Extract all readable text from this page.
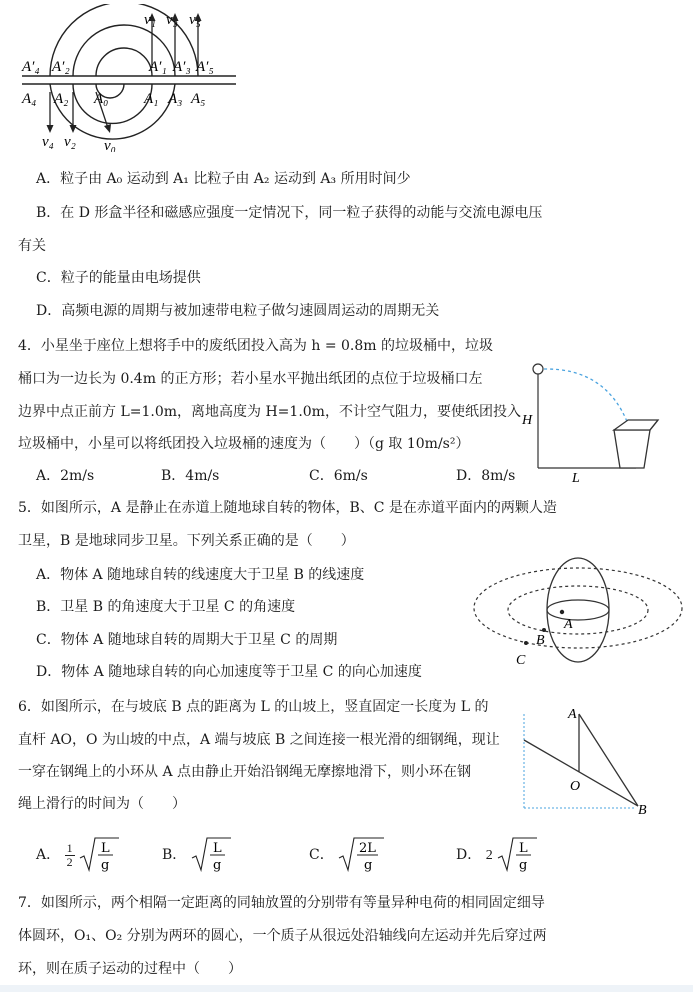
v₁ v₃ v₅
A′₄ A′₂	A′₁ A′₃ A′₅
A₄ A₂ A₀ A₁ A₃ A₅
v₄ v₂ v₀
A．粒子由 A₀ 运动到 A₁ 比粒子由 A₂ 运动到 A₃ 所用时间少
B．在 D 形盒半径和磁感应强度一定情况下，同一粒子获得的动能与交流电源电压
有关
C．粒子的能量由电场提供
D．高频电源的周期与被加速带电粒子做匀速圆周运动的周期无关
4．小星坐于座位上想将手中的废纸团投入高为 h = 0.8m 的垃圾桶中，垃圾
桶口为一边长为 0.4m 的正方形；若小星水平抛出纸团的点位于垃圾桶口左
边界中点正前方 L=1.0m，离地高度为 H=1.0m，不计空气阻力，要使纸团投入
垃圾桶中，小星可以将纸团投入垃圾桶的速度为（　　）（g 取 10m/s²）
A．2m/s	B．4m/s	C．6m/s	D．8m/s
H
L
5．如图所示，A 是静止在赤道上随地球自转的物体，B、C 是在赤道平面内的两颗人造
卫星，B 是地球同步卫星。下列关系正确的是（　　）
A．物体 A 随地球自转的线速度大于卫星 B 的线速度
B．卫星 B 的角速度大于卫星 C 的角速度
C．物体 A 随地球自转的周期大于卫星 C 的周期
D．物体 A 随地球自转的向心加速度等于卫星 C 的向心加速度
A
B
C
6．如图所示，在与坡底 B 点的距离为 L 的山坡上，竖直固定一长度为 L 的
直杆 AO，O 为山坡的中点，A 端与坡底 B 之间连接一根光滑的细钢绳，现让
一穿在钢绳上的小环从 A 点由静止开始沿钢绳无摩擦地滑下，则小环在钢
绳上滑行的时间为（　　）
A
O
B
A． $\frac{1}{2}$
L
g
B． L
g
C． 2L
g
D． 2 L
g
7．如图所示，两个相隔一定距离的同轴放置的分别带有等量异种电荷的相同固定细导
体圆环，O₁、O₂ 分别为两环的圆心，一个质子从很远处沿轴线向左运动并先后穿过两
环，则在质子运动的过程中（　　）
